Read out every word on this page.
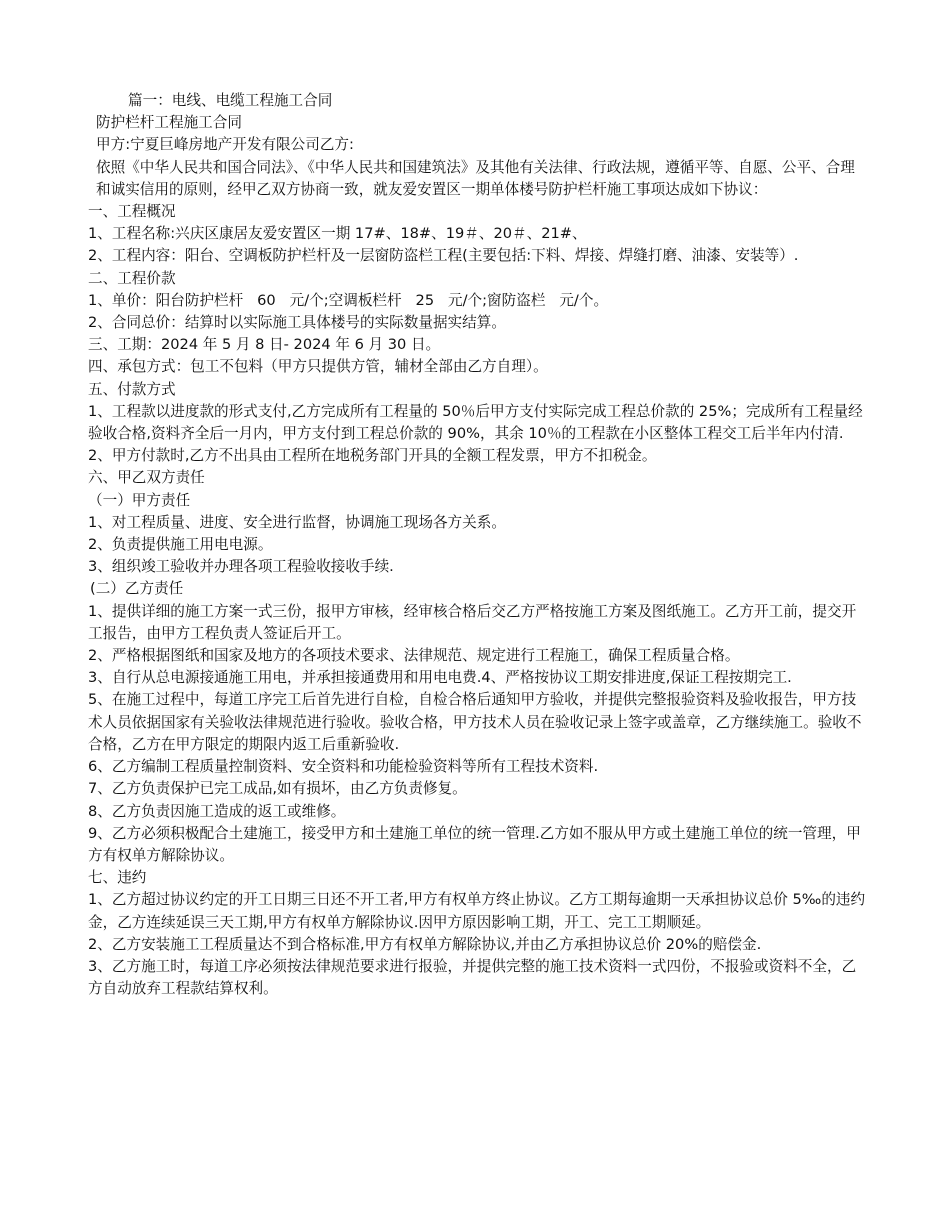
篇一：电线、电缆工程施工合同

防护栏杆工程施工合同

甲方:宁夏巨峰房地产开发有限公司乙方:

依照《中华人民共和国合同法》、《中华人民共和国建筑法》及其他有关法律、行政法规，遵循平等、自愿、公平、合理和诚实信用的原则，经甲乙双方协商一致，就友爱安置区一期单体楼号防护栏杆施工事项达成如下协议：

一、工程概况

1、工程名称:兴庆区康居友爱安置区一期 17#、18#、19＃、20＃、21#、

2、工程内容：阳台、空调板防护栏杆及一层窗防盗栏工程(主要包括:下料、焊接、焊缝打磨、油漆、安装等）.

二、工程价款

1、单价：阳台防护栏杆   60   元/个;空调板栏杆   25   元/个;窗防盗栏   元/个。

2、合同总价：结算时以实际施工具体楼号的实际数量据实结算。

三、工期：2024 年 5 月 8 日- 2024 年 6 月 30 日。

四、承包方式：包工不包料（甲方只提供方管，辅材全部由乙方自理）。

五、付款方式

1、工程款以进度款的形式支付,乙方完成所有工程量的 50％后甲方支付实际完成工程总价款的 25%；完成所有工程量经验收合格,资料齐全后一月内，甲方支付到工程总价款的 90%，其余 10％的工程款在小区整体工程交工后半年内付清.

2、甲方付款时,乙方不出具由工程所在地税务部门开具的全额工程发票，甲方不扣税金。

六、甲乙双方责任

（一）甲方责任

1、对工程质量、进度、安全进行监督，协调施工现场各方关系。

2、负责提供施工用电电源。

3、组织竣工验收并办理各项工程验收接收手续.

(二）乙方责任

1、提供详细的施工方案一式三份，报甲方审核，经审核合格后交乙方严格按施工方案及图纸施工。乙方开工前，提交开工报告，由甲方工程负责人签证后开工。

2、严格根据图纸和国家及地方的各项技术要求、法律规范、规定进行工程施工，确保工程质量合格。

3、自行从总电源接通施工用电，并承担接通费用和用电电费.4、严格按协议工期安排进度,保证工程按期完工.

5、在施工过程中，每道工序完工后首先进行自检，自检合格后通知甲方验收，并提供完整报验资料及验收报告，甲方技术人员依据国家有关验收法律规范进行验收。验收合格，甲方技术人员在验收记录上签字或盖章，乙方继续施工。验收不合格，乙方在甲方限定的期限内返工后重新验收.

6、乙方编制工程质量控制资料、安全资料和功能检验资料等所有工程技术资料.

7、乙方负责保护已完工成品,如有损坏，由乙方负责修复。

8、乙方负责因施工造成的返工或维修。

9、乙方必须积极配合土建施工，接受甲方和土建施工单位的统一管理.乙方如不服从甲方或土建施工单位的统一管理，甲方有权单方解除协议。

七、违约

1、乙方超过协议约定的开工日期三日还不开工者,甲方有权单方终止协议。乙方工期每逾期一天承担协议总价 5‰的违约金，乙方连续延误三天工期,甲方有权单方解除协议.因甲方原因影响工期，开工、完工工期顺延。

2、乙方安装施工工程质量达不到合格标准,甲方有权单方解除协议,并由乙方承担协议总价 20%的赔偿金.

3、乙方施工时，每道工序必须按法律规范要求进行报验，并提供完整的施工技术资料一式四份，不报验或资料不全，乙方自动放弃工程款结算权利。
